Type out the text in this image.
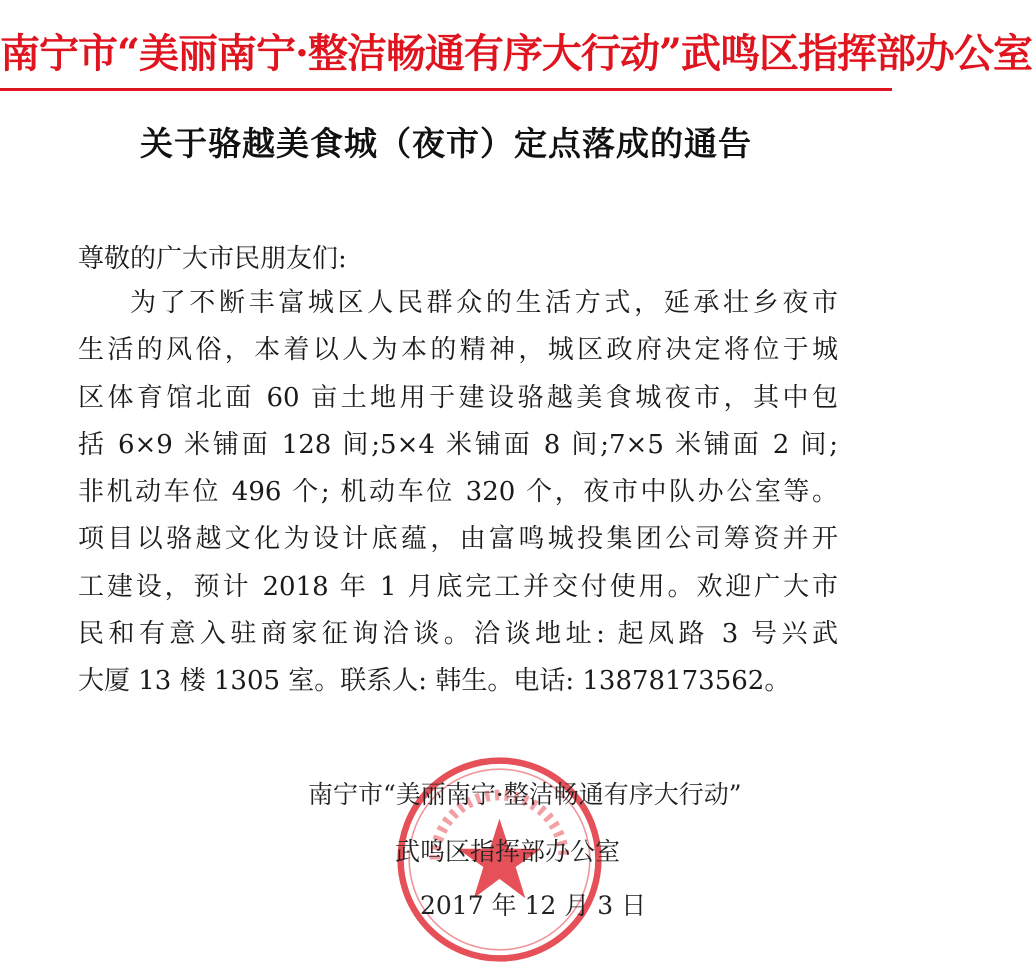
南宁市“美丽南宁·整洁畅通有序大行动”武鸣区指挥部办公室
关于骆越美食城（夜市）定点落成的通告
尊敬的广大市民朋友们:
为了不断丰富城区人民群众的生活方式，延承壮乡夜市
生活的风俗，本着以人为本的精神，城区政府决定将位于城
区体育馆北面 60 亩土地用于建设骆越美食城夜市，其中包
括 6×9 米铺面 128 间;5×4 米铺面 8 间;7×5 米铺面 2 间;
非机动车位 496 个; 机动车位 320 个，夜市中队办公室等。
项目以骆越文化为设计底蕴，由富鸣城投集团公司筹资并开
工建设，预计 2018 年 1 月底完工并交付使用。欢迎广大市
民和有意入驻商家征询洽谈。洽谈地址: 起凤路 3 号兴武
大厦 13 楼 1305 室。联系人: 韩生。电话: 13878173562。
南宁市“美丽南宁·整洁畅通有序大行动”
武鸣区指挥部办公室
2017 年 12 月 3 日
